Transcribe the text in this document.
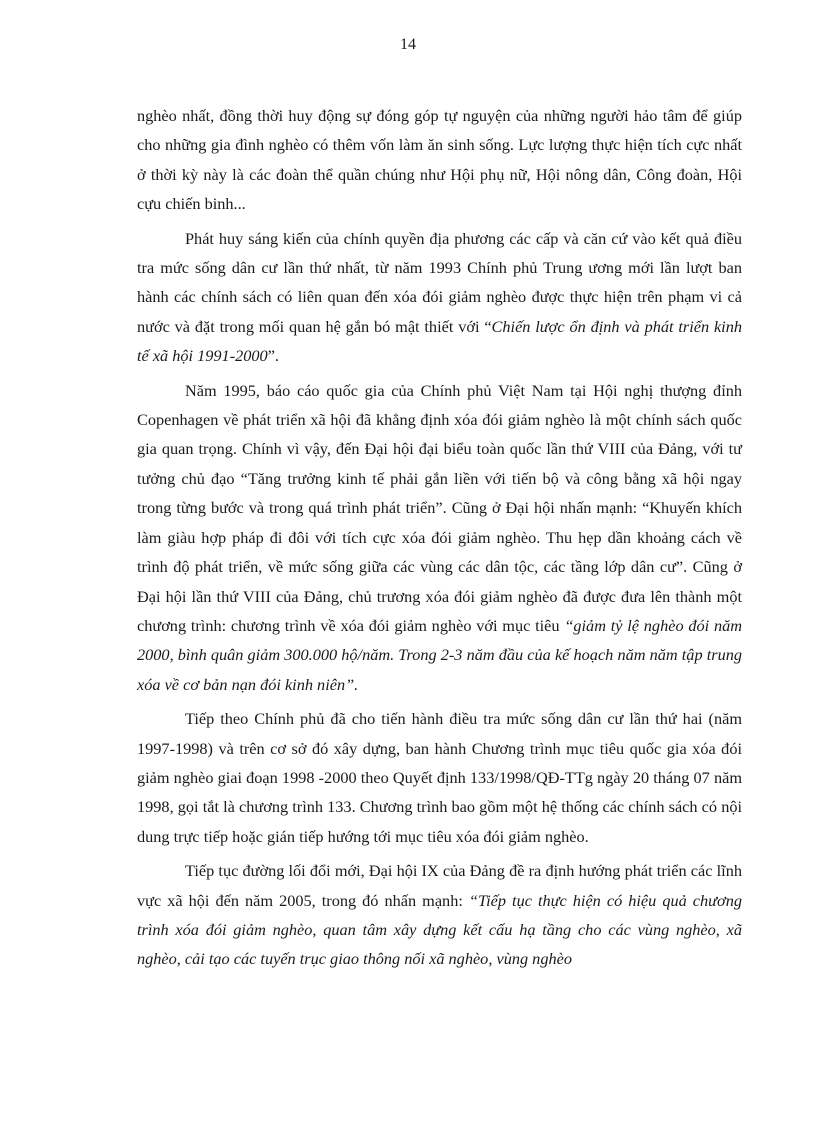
14

nghèo nhất, đồng thời huy động sự đóng góp tự nguyện của những người hảo tâm để giúp cho những gia đình nghèo có thêm vốn làm ăn sinh sống. Lực lượng thực hiện tích cực nhất ở thời kỳ này là các đoàn thể quần chúng như Hội phụ nữ, Hội nông dân, Công đoàn, Hội cựu chiến binh...

Phát huy sáng kiến của chính quyền địa phương các cấp và căn cứ vào kết quả điều tra mức sống dân cư lần thứ nhất, từ năm 1993 Chính phủ Trung ương mới lần lượt ban hành các chính sách có liên quan đến xóa đói giảm nghèo được thực hiện trên phạm vi cả nước và đặt trong mối quan hệ gắn bó mật thiết với “Chiến lược ổn định và phát triển kinh tế xã hội 1991-2000”.

Năm 1995, báo cáo quốc gia của Chính phủ Việt Nam tại Hội nghị thượng đỉnh Copenhagen về phát triển xã hội đã khẳng định xóa đói giảm nghèo là một chính sách quốc gia quan trọng. Chính vì vậy, đến Đại hội đại biểu toàn quốc lần thứ VIII của Đảng, với tư tưởng chủ đạo “Tăng trưởng kinh tế phải gắn liền với tiến bộ và công bằng xã hội ngay trong từng bước và trong quá trình phát triển”. Cũng ở Đại hội nhấn mạnh: “Khuyến khích làm giàu hợp pháp đi đôi với tích cực xóa đói giảm nghèo. Thu hẹp dần khoảng cách về trình độ phát triển, về mức sống giữa các vùng các dân tộc, các tầng lớp dân cư”. Cũng ở Đại hội lần thứ VIII của Đảng, chủ trương xóa đói giảm nghèo đã được đưa lên thành một chương trình: chương trình về xóa đói giảm nghèo với mục tiêu “giảm tỷ lệ nghèo đói năm 2000, bình quân giảm 300.000 hộ/năm. Trong 2-3 năm đầu của kế hoạch năm năm tập trung xóa về cơ bản nạn đói kinh niên”.

Tiếp theo Chính phủ đã cho tiến hành điều tra mức sống dân cư lần thứ hai (năm 1997-1998) và trên cơ sở đó xây dựng, ban hành Chương trình mục tiêu quốc gia xóa đói giảm nghèo giai đoạn 1998 -2000 theo Quyết định 133/1998/QĐ-TTg ngày 20 tháng 07 năm 1998, gọi tắt là chương trình 133. Chương trình bao gồm một hệ thống các chính sách có nội dung trực tiếp hoặc gián tiếp hướng tới mục tiêu xóa đói giảm nghèo.

Tiếp tục đường lối đổi mới, Đại hội IX của Đảng đề ra định hướng phát triển các lĩnh vực xã hội đến năm 2005, trong đó nhấn mạnh: “Tiếp tục thực hiện có hiệu quả chương trình xóa đói giảm nghèo, quan tâm xây dựng kết cấu hạ tầng cho các vùng nghèo, xã nghèo, cải tạo các tuyến trục giao thông nối xã nghèo, vùng nghèo
